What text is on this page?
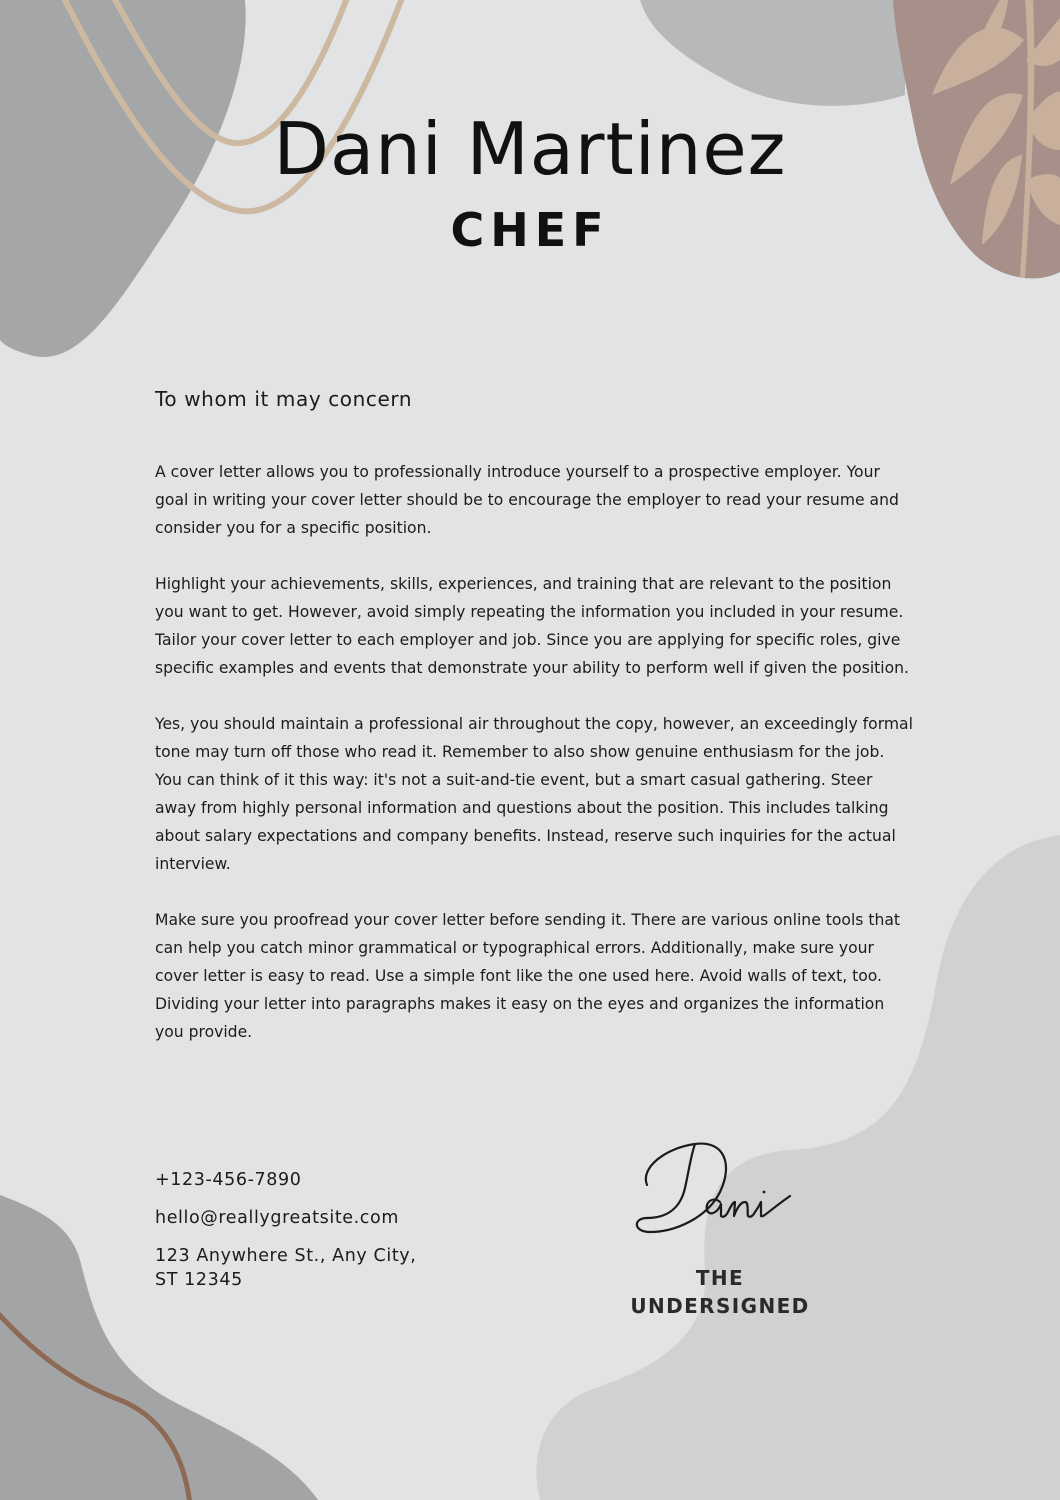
Dani Martinez
CHEF

To whom it may concern

A cover letter allows you to professionally introduce yourself to a prospective employer. Your goal in writing your cover letter should be to encourage the employer to read your resume and consider you for a specific position.

Highlight your achievements, skills, experiences, and training that are relevant to the position you want to get. However, avoid simply repeating the information you included in your resume. Tailor your cover letter to each employer and job. Since you are applying for specific roles, give specific examples and events that demonstrate your ability to perform well if given the position.

Yes, you should maintain a professional air throughout the copy, however, an exceedingly formal tone may turn off those who read it. Remember to also show genuine enthusiasm for the job. You can think of it this way: it's not a suit-and-tie event, but a smart casual gathering. Steer away from highly personal information and questions about the position. This includes talking about salary expectations and company benefits. Instead, reserve such inquiries for the actual interview.

Make sure you proofread your cover letter before sending it. There are various online tools that can help you catch minor grammatical or typographical errors. Additionally, make sure your cover letter is easy to read. Use a simple font like the one used here. Avoid walls of text, too. Dividing your letter into paragraphs makes it easy on the eyes and organizes the information you provide.

+123-456-7890

hello@reallygreatsite.com

123 Anywhere St., Any City,

ST 12345	THE UNDERSIGNED
